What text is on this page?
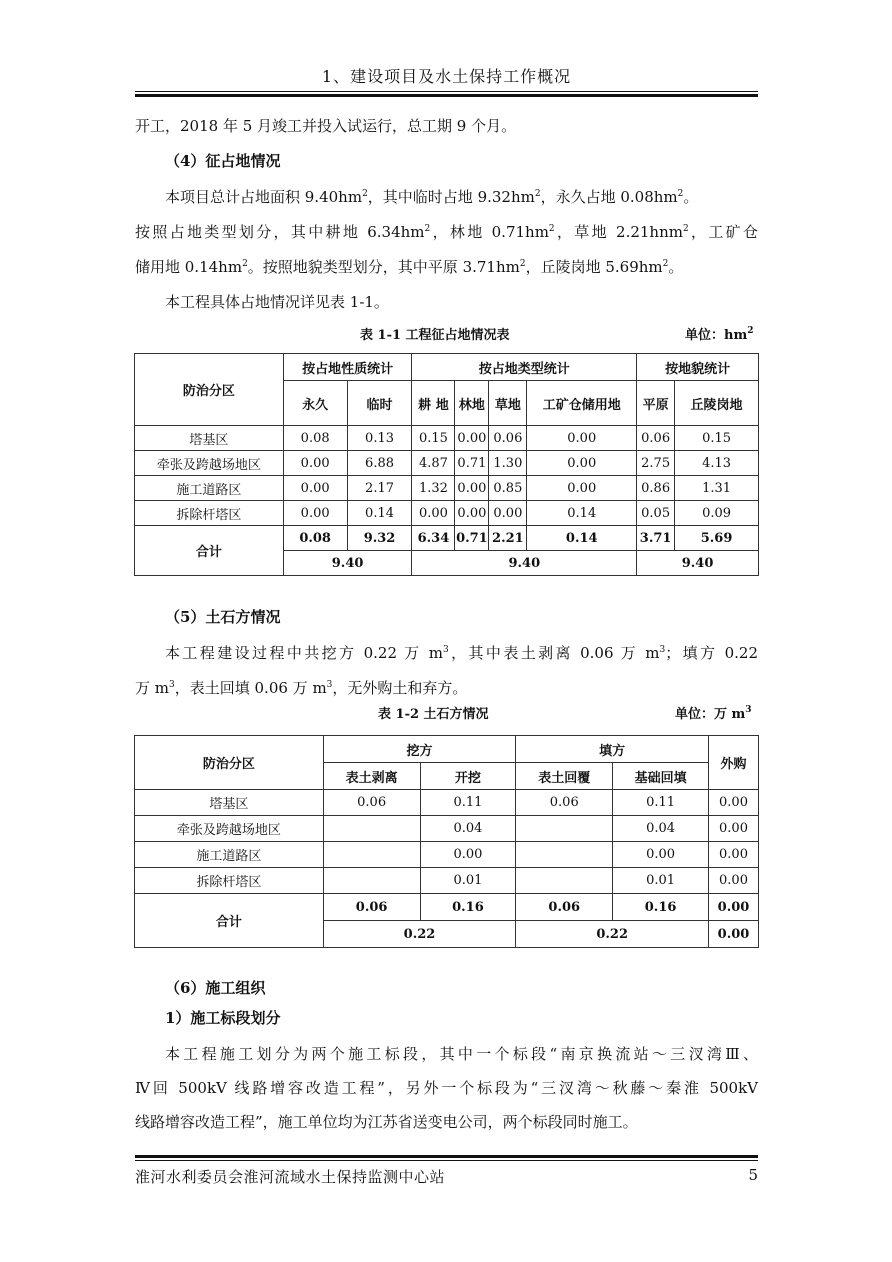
1、建设项目及水土保持工作概况
开工，2018 年 5 月竣工并投入试运行，总工期 9 个月。
（4）征占地情况
本项目总计占地面积 $9.40hm^2$，其中临时占地 $9.32hm^2$，永久占地 $0.08hm^2$。
按照占地类型划分，其中耕地 $6.34hm^2$，林地 $0.71hm^2$，草地 2.21hnm$^2$，工矿仓
储用地 $0.14hm^2$。按照地貌类型划分，其中平原 $3.71hm^2$，丘陵岗地 $5.69hm^2$。
本工程具体占地情况详见表 1-1。
表 1-1 工程征占地情况表	单位：$hm^2$
防治分区	按占地性质统计		按占地类型统计				按地貌统计	
	永久	临时	耕 地	林地	草地	工矿仓储用地	平原	丘陵岗地
塔基区	0.08	0.13	0.15	0.00	0.06	0.00	0.06	0.15
牵张及跨越场地区	0.00	6.88	4.87	0.71	1.30	0.00	2.75	4.13
施工道路区	0.00	2.17	1.32	0.00	0.85	0.00	0.86	1.31
拆除杆塔区	0.00	0.14	0.00	0.00	0.00	0.14	0.05	0.09
合计	0.08	9.32	6.34	0.71	2.21	0.14	3.71	5.69
	9.40		9.40				9.40	
（5）土石方情况
本工程建设过程中共挖方 0.22 万 $m^3$，其中表土剥离 0.06 万 $m^3$；填方 0.22
万 $m^3$，表土回填 0.06 万 $m^3$，无外购土和弃方。
表 1-2 土石方情况	单位：万 $m^3$
防治分区	挖方		填方		外购
	表土剥离	开挖	表土回覆	基础回填	
塔基区	0.06	0.11	0.06	0.11	0.00
牵张及跨越场地区		0.04		0.04	0.00
施工道路区		0.00		0.00	0.00
拆除杆塔区		0.01		0.01	0.00
合计	0.06	0.16	0.06	0.16	0.00
	0.22		0.22		0.00
（6）施工组织
1）施工标段划分
本工程施工划分为两个施工标段，其中一个标段“南京换流站～三汊湾Ⅲ、
Ⅳ回 500kV 线路增容改造工程”，另外一个标段为“三汊湾～秋藤～秦淮 500kV
线路增容改造工程”，施工单位均为江苏省送变电公司，两个标段同时施工。
淮河水利委员会淮河流域水土保持监测中心站	5
